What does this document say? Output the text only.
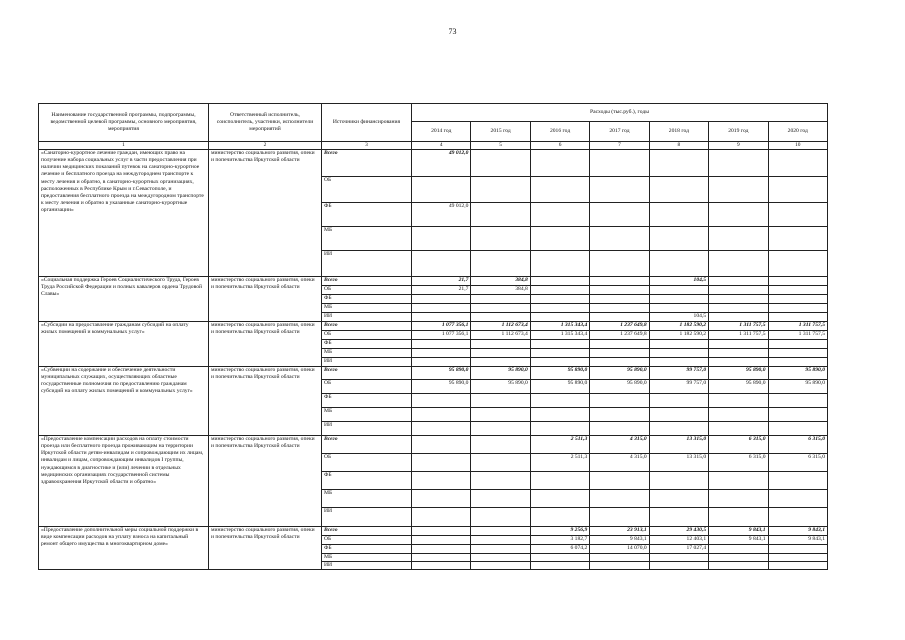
73
Наименование государственной программы, подпрограммы, ведомственной целевой программы, основного мероприятия, мероприятия	Ответственный исполнитель, соисполнитель, участники, исполнители мероприятий	Источники финансирования	Расходы (тыс.руб.), годы						
			2014 год	2015 год	2016 год	2017 год	2018 год	2019 год	2020 год
1	2	3	4	5	6	7	8	9	10
«Санаторно-курортное лечение граждан, имеющих право на получение набора социальных услуг в части предоставления при наличии медицинских показаний путевок на санаторно-курортное лечение и бесплатного проезда на междугороднем транспорте к месту лечения и обратно, в санаторно-курортных организациях, расположенных в Республике Крым и г.Севастополе, и предоставления бесплатного проезда на междугородном транспорте к месту лечения и обратно в указанные санаторно-курортные организации»	министерство социального развития, опеки и попечительства Иркутской области	Всего	49 012,0						
		ОБ							
		ФБ	49 012,0						
		МБ							
		ИИ							
«Социальная поддержка Героев Социалистического Труда, Героев Труда Российской Федерации и полных кавалеров ордена Трудовой Славы»	министерство социального развития, опеки и попечительства Иркутской области	Всего	21,7	384,8			104,5		
		ОБ	21,7	384,8					
		ФБ							
		МБ							
		ИИ					104,5		
«Субсидии на предоставление гражданам субсидий на оплату жилых помещений и коммунальных услуг»	министерство социального развития, опеки и попечительства Иркутской области	Всего	1 077 356,1	1 112 673,4	1 315 343,4	1 237 649,8	1 182 590,2	1 311 757,5	1 311 757,5
		ОБ	1 077 356,1	1 112 673,4	1 315 343,4	1 237 649,8	1 182 590,2	1 311 757,5	1 311 757,5
		ФБ							
		МБ							
		ИИ							
«Субвенции на содержание и обеспечение деятельности муниципальных служащих, осуществляющих областные государственные полномочия по предоставлению гражданам субсидий на оплату жилых помещений и коммунальных услуг»	министерство социального развития, опеки и попечительства Иркутской области	Всего	95 890,0	95 890,0	95 890,0	95 890,0	99 757,0	95 890,0	95 890,0
		ОБ	95 890,0	95 890,0	95 890,0	95 890,0	99 757,0	95 890,0	95 890,0
		ФБ							
		МБ							
		ИИ							
«Предоставление компенсации расходов на оплату стоимости проезда или бесплатного проезда проживающим на территории Иркутской области детям-инвалидам и сопровождающим их лицам, инвалидам и лицам, сопровождающим инвалидов I группы, нуждающимся в диагностике и (или) лечении в отдельных медицинских организациях государственной системы здравоохранения Иркутской области и обратно»	министерство социального развития, опеки и попечительства Иркутской области	Всего			2 511,3	4 315,0	13 315,0	6 315,0	6 315,0
		ОБ			2 511,3	4 315,0	13 315,0	6 315,0	6 315,0
		ФБ							
		МБ							
		ИИ							
«Предоставление дополнительной меры социальной поддержки в виде компенсации расходов на уплату взноса на капитальный ремонт общего имущества в многоквартирном доме»	министерство социального развития, опеки и попечительства Иркутской области	Всего			9 256,9	23 913,1	29 430,5	9 843,1	9 843,1
		ОБ			3 182,7	9 843,1	12 403,1	9 843,1	9 843,1
		ФБ			6 074,2	14 070,0	17 027,4		
		МБ							
		ИИ							
